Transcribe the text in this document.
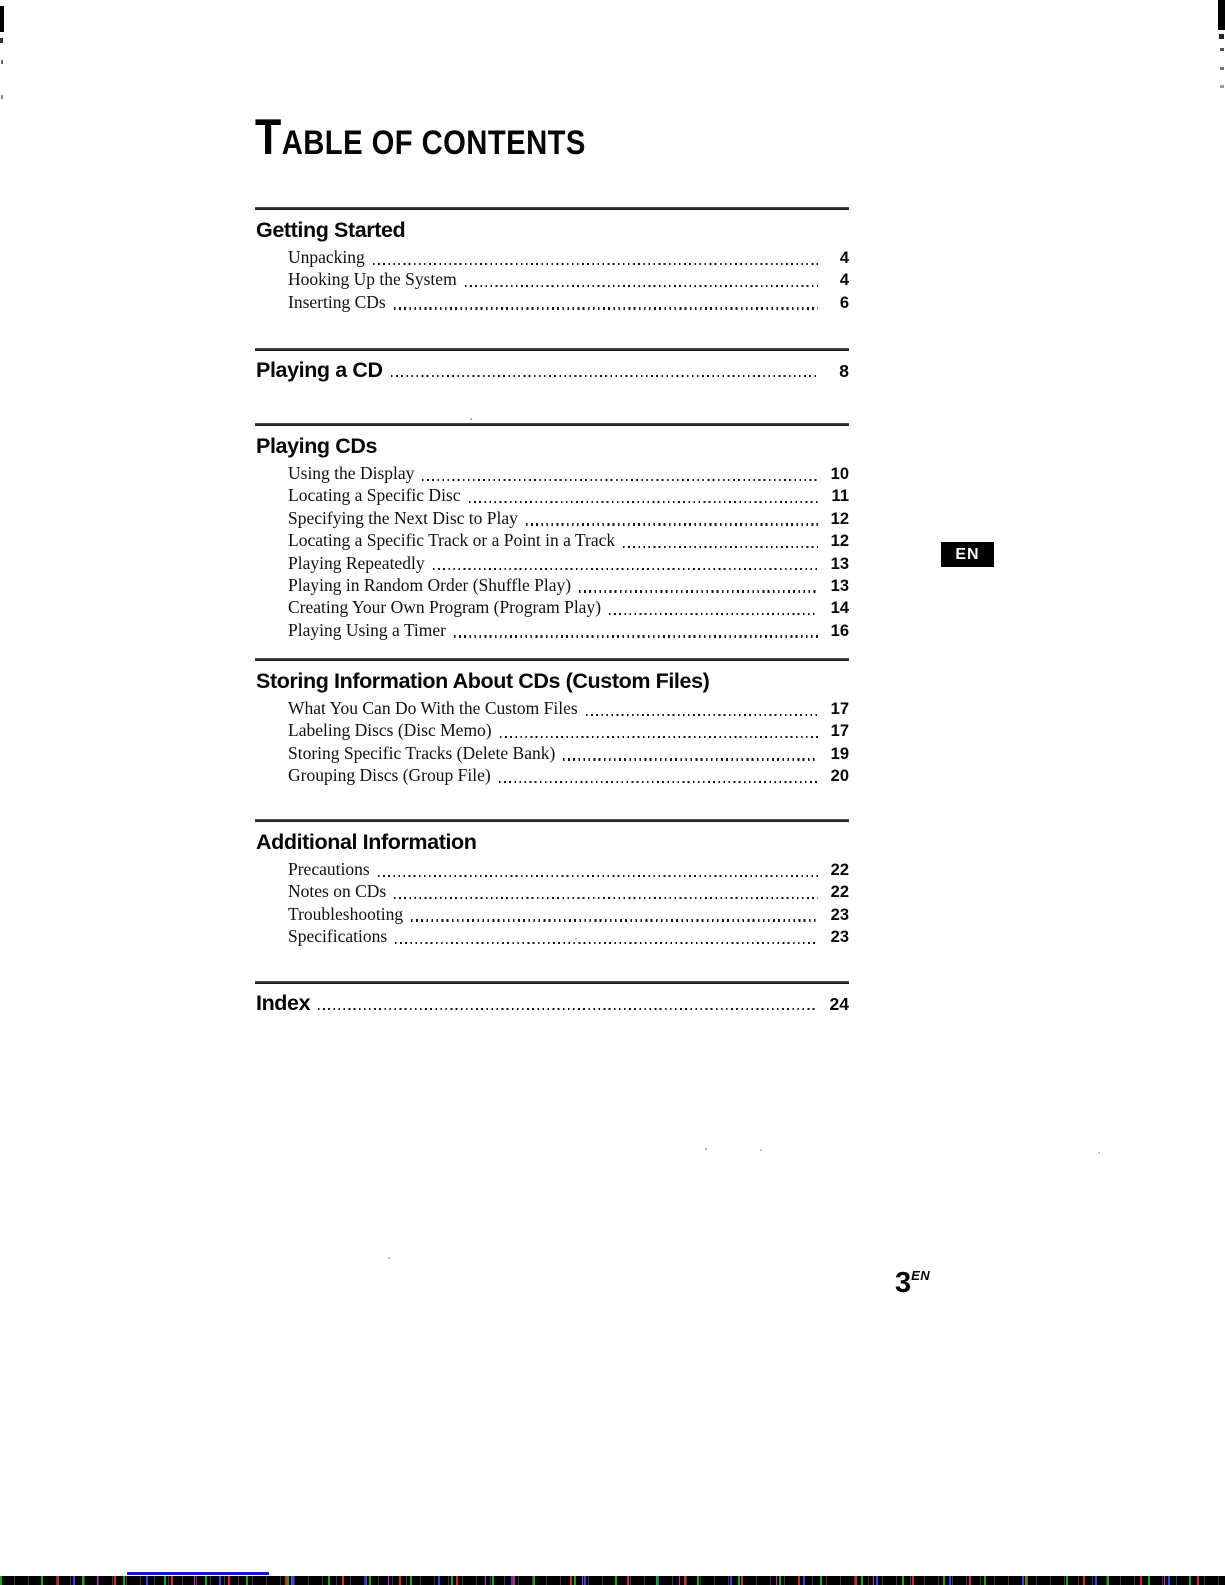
TABLE OF CONTENTS
Getting Started
Unpacking	4
Hooking Up the System	4
Inserting CDs	6
Playing a CD	8
Playing CDs
Using the Display	10
Locating a Specific Disc	11
Specifying the Next Disc to Play	12
Locating a Specific Track or a Point in a Track	12
Playing Repeatedly	13
Playing in Random Order (Shuffle Play)	13
Creating Your Own Program (Program Play)	14
Playing Using a Timer	16
Storing Information About CDs (Custom Files)
What You Can Do With the Custom Files	17
Labeling Discs (Disc Memo)	17
Storing Specific Tracks (Delete Bank)	19
Grouping Discs (Group File)	20
Additional Information
Precautions	22
Notes on CDs	22
Troubleshooting	23
Specifications	23
Index	24
EN
$3^{EN}$
